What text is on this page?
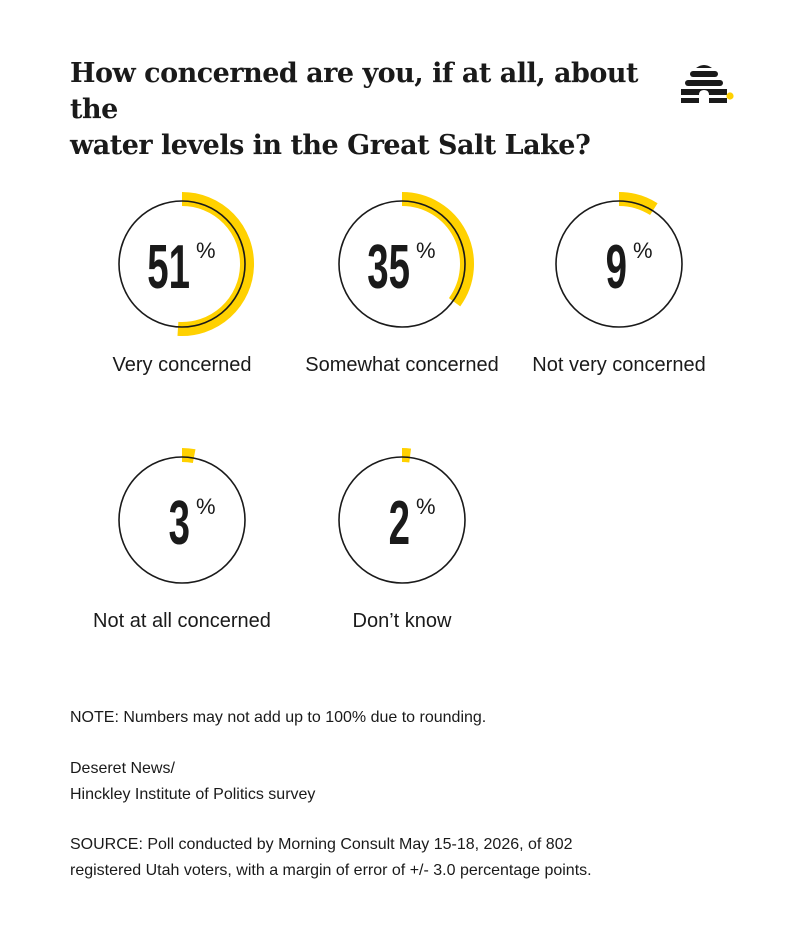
How concerned are you, if at all, about the
water levels in the Great Salt Lake?
51 % 35 %	9 %
3 %	2 %
Very concerned	Somewhat concerned	Not very concerned
Not at all concerned	Don’t know
NOTE: Numbers may not add up to 100% due to rounding.

Deseret News/

Hinckley Institute of Politics survey

SOURCE: Poll conducted by Morning Consult May 15-18, 2026, of 802

registered Utah voters, with a margin of error of +/- 3.0 percentage points.
